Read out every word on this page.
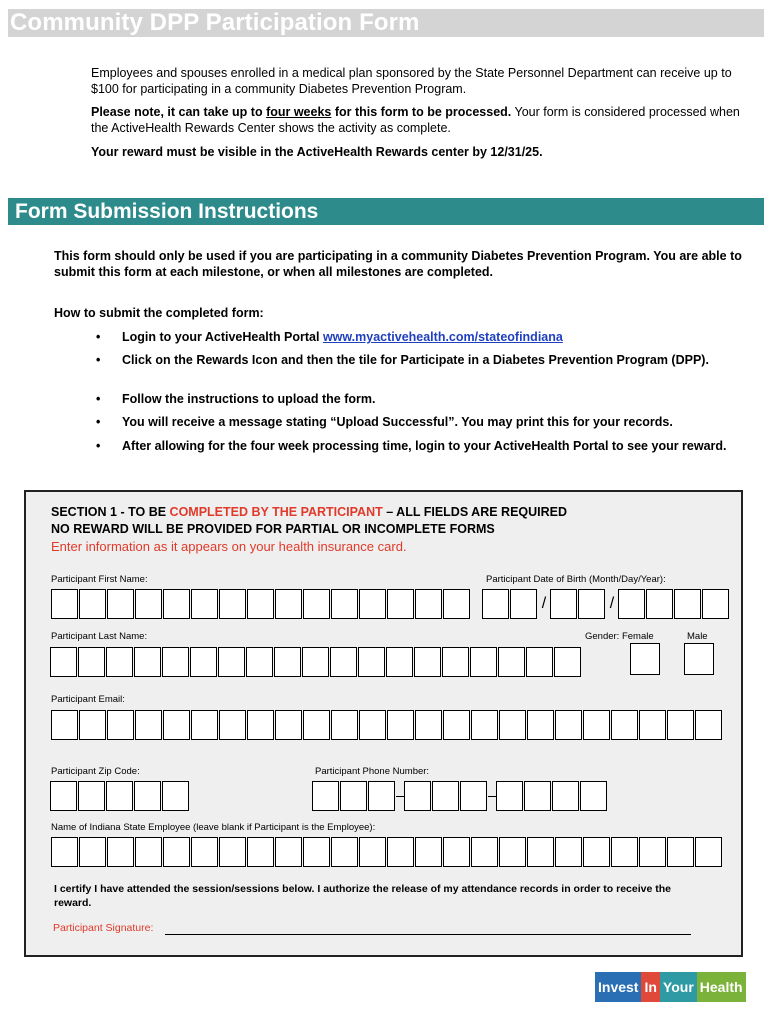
Community DPP Participation Form
Employees and spouses enrolled in a medical plan sponsored by the State Personnel Department can receive up to $100 for participating in a community Diabetes Prevention Program.
Please note, it can take up to four weeks for this form to be processed. Your form is considered processed when the ActiveHealth Rewards Center shows the activity as complete.
Your reward must be visible in the ActiveHealth Rewards center by 12/31/25.
Form Submission Instructions
This form should only be used if you are participating in a community Diabetes Prevention Program. You are able to submit this form at each milestone, or when all milestones are completed.
How to submit the completed form:
• Login to your ActiveHealth Portal www.myactivehealth.com/stateofindiana
• Click on the Rewards Icon and then the tile for Participate in a Diabetes Prevention Program (DPP).
• Follow the instructions to upload the form.
• You will receive a message stating “Upload Successful”. You may print this for your records.
• After allowing for the four week processing time, login to your ActiveHealth Portal to see your reward.
SECTION 1 - TO BE COMPLETED BY THE PARTICIPANT – ALL FIELDS ARE REQUIRED
NO REWARD WILL BE PROVIDED FOR PARTIAL OR INCOMPLETE FORMS
Enter information as it appears on your health insurance card.
Participant First Name:	Participant Date of Birth (Month/Day/Year):
/	/
Participant Last Name:	Gender: Female	Male
Participant Email:
Participant Zip Code:	Participant Phone Number:
Name of Indiana State Employee (leave blank if Participant is the Employee):
I certify I have attended the session/sessions below. I authorize the release of my attendance records in order to receive the reward.
Participant Signature:
Invest In Your Health
